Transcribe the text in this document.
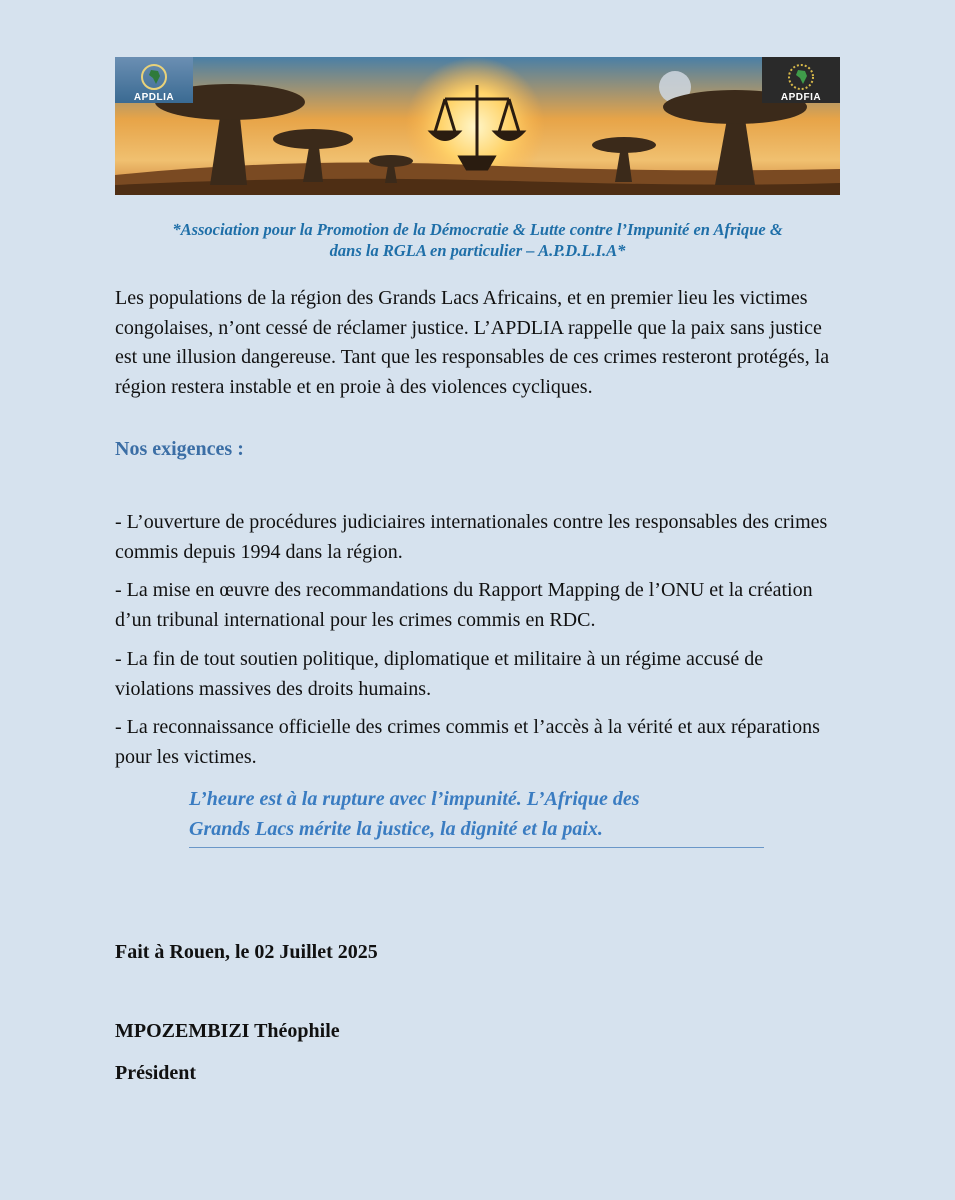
APDLIA	APDFIA
*Association pour la Promotion de la Démocratie & Lutte contre l’Impunité en Afrique &
dans la RGLA en particulier – A.P.D.L.I.A*
Les populations de la région des Grands Lacs Africains, et en premier lieu les victimes congolaises, n’ont cessé de réclamer justice. L’APDLIA rappelle que la paix sans justice est une illusion dangereuse. Tant que les responsables de ces crimes resteront protégés, la région restera instable et en proie à des violences cycliques.
Nos exigences :
- L’ouverture de procédures judiciaires internationales contre les responsables des crimes commis depuis 1994 dans la région.
- La mise en œuvre des recommandations du Rapport Mapping de l’ONU et la création d’un tribunal international pour les crimes commis en RDC.
- La fin de tout soutien politique, diplomatique et militaire à un régime accusé de violations massives des droits humains.
- La reconnaissance officielle des crimes commis et l’accès à la vérité et aux réparations pour les victimes.
L’heure est à la rupture avec l’impunité. L’Afrique des
Grands Lacs mérite la justice, la dignité et la paix.
Fait à Rouen, le 02 Juillet 2025
MPOZEMBIZI Théophile
Président
